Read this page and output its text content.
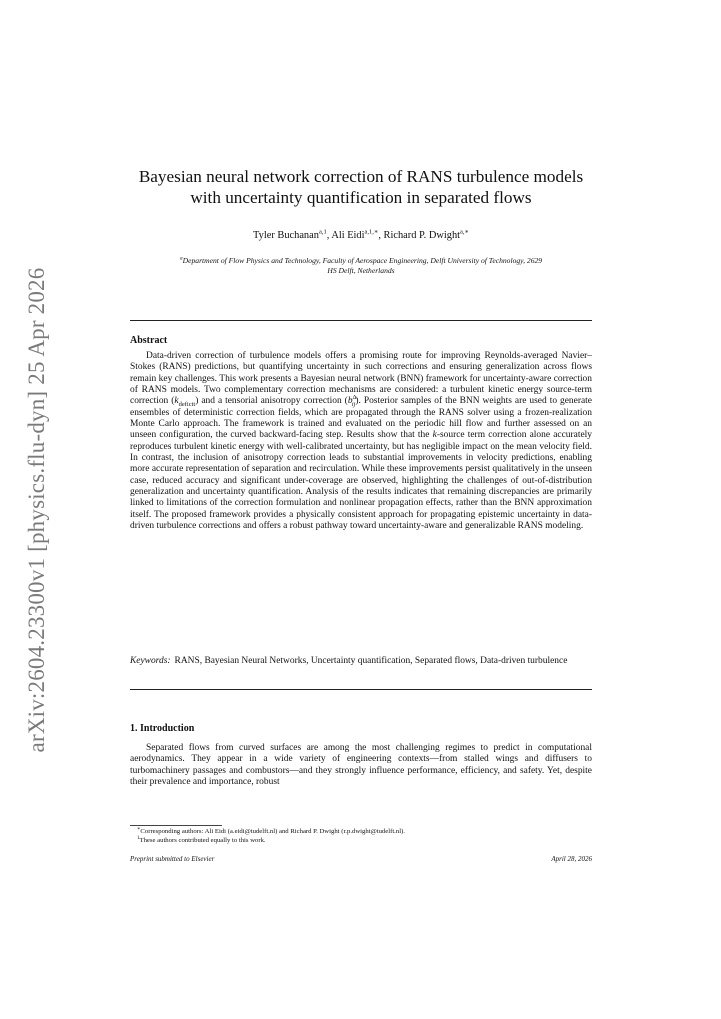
arXiv:2604.23300v1 [physics.flu-dyn] 25 Apr 2026
Bayesian neural network correction of RANS turbulence models
with uncertainty quantification in separated flows
Tyler Buchanan$^{a,1}$, Ali Eidi$^{a,1,∗}$, Richard P. Dwight$^{a,∗}$
$^a$Department of Flow Physics and Technology, Faculty of Aerospace Engineering, Delft University of Technology, 2629
HS Delft, Netherlands
Abstract
Data-driven correction of turbulence models offers a promising route for improving Reynolds-averaged Navier–Stokes (RANS) predictions, but quantifying uncertainty in such corrections and ensuring generalization across flows remain key challenges. This work presents a Bayesian neural network (BNN) framework for uncertainty-aware correction of RANS models. Two complementary correction mechanisms are considered: a turbulent kinetic energy source-term correction $(k_{deficit})$ and a tensorial anisotropy correction $(b^\Delta_{ij})$. Posterior samples of the BNN weights are used to generate ensembles of deterministic correction fields, which are propagated through the RANS solver using a frozen-realization Monte Carlo approach. The framework is trained and evaluated on the periodic hill flow and further assessed on an unseen configuration, the curved backward-facing step. Results show that the k-source term correction alone accurately reproduces turbulent kinetic energy with well-calibrated uncertainty, but has negligible impact on the mean velocity field. In contrast, the inclusion of anisotropy correction leads to substantial improvements in velocity predictions, enabling more accurate representation of separation and recirculation. While these improvements persist qualitatively in the unseen case, reduced accuracy and significant under-coverage are observed, highlighting the challenges of out-of-distribution generalization and uncertainty quantification. Analysis of the results indicates that remaining discrepancies are primarily linked to limitations of the correction formulation and nonlinear propagation effects, rather than the BNN approximation itself. The proposed framework provides a physically consistent approach for propagating epistemic uncertainty in data-driven turbulence corrections and offers a robust pathway toward uncertainty-aware and generalizable RANS modeling.
Keywords: RANS, Bayesian Neural Networks, Uncertainty quantification, Separated flows, Data-driven turbulence
1. Introduction
Separated flows from curved surfaces are among the most challenging regimes to predict in computational aerodynamics. They appear in a wide variety of engineering contexts—from stalled wings and diffusers to turbomachinery passages and combustors—and they strongly influence performance, efficiency, and safety. Yet, despite their prevalence and importance, robust
∗Corresponding authors: Ali Eidi (a.eidi@tudelft.nl) and Richard P. Dwight (r.p.dwight@tudelft.nl).
$^1$These authors contributed equally to this work.
Preprint submitted to Elsevier	April 28, 2026
